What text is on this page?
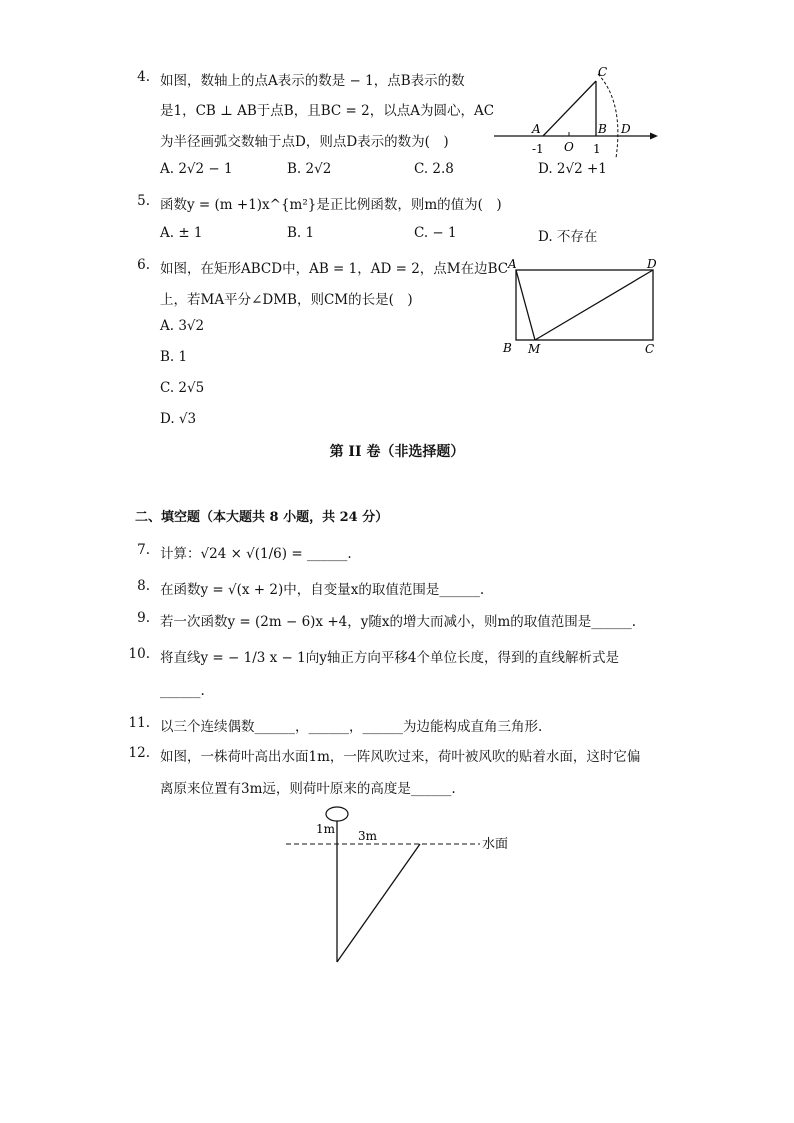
4. 如图，数轴上的点A表示的数是 − 1，点B表示的数
是1，CB ⊥ AB于点B，且BC = 2，以点A为圆心，AC
为半径画弧交数轴于点D，则点D表示的数为(　)
A. 2√2 − 1	B. 2√2	C. 2.8	D. 2√2 +1
A	B
C
D
O
-1	1
5. 函数y = (m +1)x^{m²}是正比例函数，则m的值为(　)
A. ± 1	B. 1	C. − 1	D. 不存在
6. 如图，在矩形ABCD中，AB = 1，AD = 2，点M在边BC
上，若MA平分∠DMB，则CM的长是(　)
A. 3√2
B. 1
C. 2√5
D. √3
A	D
B M	C
第 II 卷（非选择题）
二、填空题（本大题共 8 小题，共 24 分）
7. 计算：√24 × √(1/6) = ______.
8. 在函数y = √(x + 2)中，自变量x的取值范围是______.
9. 若一次函数y = (2m − 6)x +4，y随x的增大而减小，则m的取值范围是______.
10. 将直线y = − 1/3 x − 1向y轴正方向平移4个单位长度，得到的直线解析式是
______.
11. 以三个连续偶数______，______，______为边能构成直角三角形.
12. 如图，一株荷叶高出水面1m，一阵风吹过来，荷叶被风吹的贴着水面，这时它偏
离原来位置有3m远，则荷叶原来的高度是______.
1m 3m
水面
